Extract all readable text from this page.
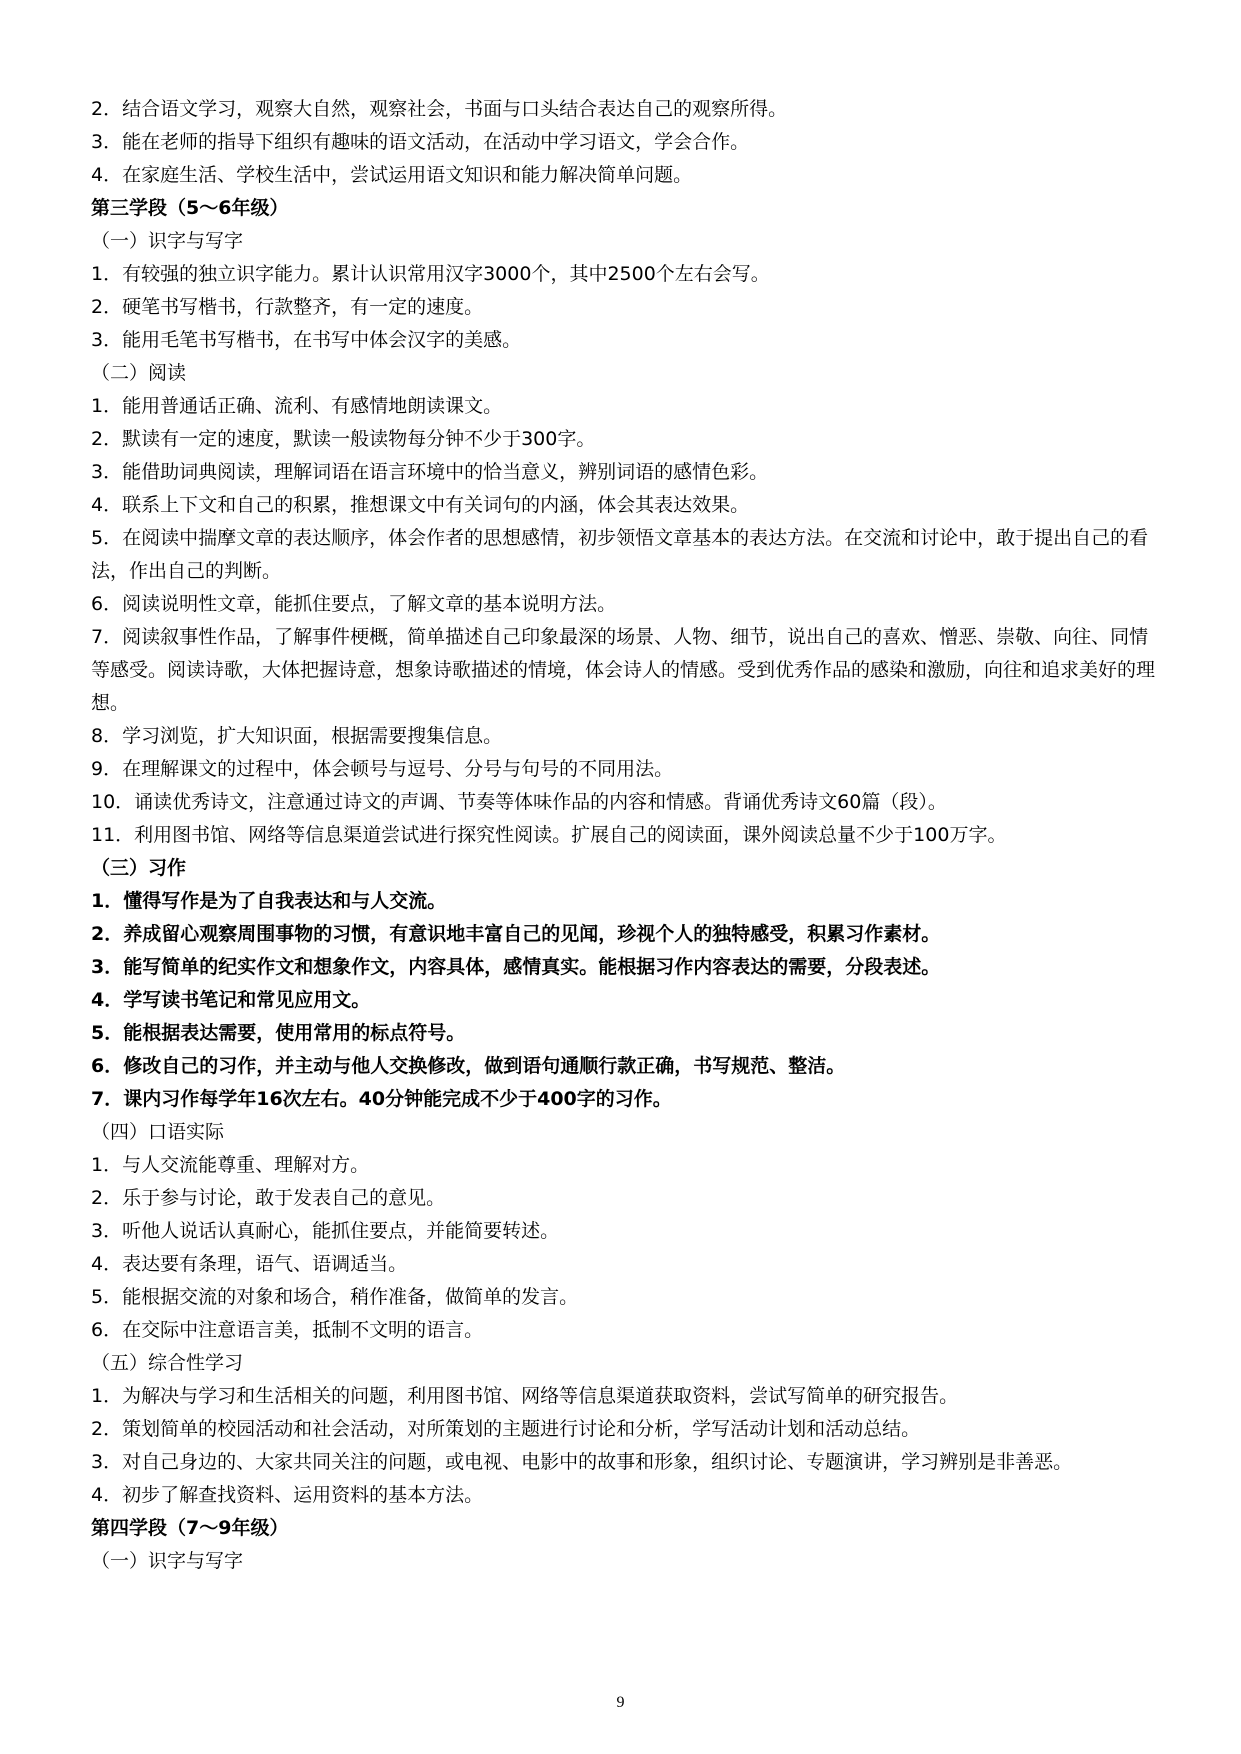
2．结合语文学习，观察大自然，观察社会，书面与口头结合表达自己的观察所得。

3．能在老师的指导下组织有趣味的语文活动，在活动中学习语文，学会合作。

4．在家庭生活、学校生活中，尝试运用语文知识和能力解决简单问题。

第三学段（5～6年级）

（一）识字与写字

1．有较强的独立识字能力。累计认识常用汉字3000个，其中2500个左右会写。

2．硬笔书写楷书，行款整齐，有一定的速度。

3．能用毛笔书写楷书，在书写中体会汉字的美感。

（二）阅读

1．能用普通话正确、流利、有感情地朗读课文。

2．默读有一定的速度，默读一般读物每分钟不少于300字。

3．能借助词典阅读，理解词语在语言环境中的恰当意义，辨别词语的感情色彩。

4．联系上下文和自己的积累，推想课文中有关词句的内涵，体会其表达效果。

5．在阅读中揣摩文章的表达顺序，体会作者的思想感情，初步领悟文章基本的表达方法。在交流和讨论中，敢于提出自己的看法，作出自己的判断。

6．阅读说明性文章，能抓住要点，了解文章的基本说明方法。

7．阅读叙事性作品，了解事件梗概，简单描述自己印象最深的场景、人物、细节，说出自己的喜欢、憎恶、崇敬、向往、同情等感受。阅读诗歌，大体把握诗意，想象诗歌描述的情境，体会诗人的情感。受到优秀作品的感染和激励，向往和追求美好的理想。

8．学习浏览，扩大知识面，根据需要搜集信息。

9．在理解课文的过程中，体会顿号与逗号、分号与句号的不同用法。

10．诵读优秀诗文，注意通过诗文的声调、节奏等体味作品的内容和情感。背诵优秀诗文60篇（段）。

11．利用图书馆、网络等信息渠道尝试进行探究性阅读。扩展自己的阅读面，课外阅读总量不少于100万字。

（三）习作

1．懂得写作是为了自我表达和与人交流。

2．养成留心观察周围事物的习惯，有意识地丰富自己的见闻，珍视个人的独特感受，积累习作素材。

3．能写简单的纪实作文和想象作文，内容具体，感情真实。能根据习作内容表达的需要，分段表述。

4．学写读书笔记和常见应用文。

5．能根据表达需要，使用常用的标点符号。

6．修改自己的习作，并主动与他人交换修改，做到语句通顺行款正确，书写规范、整洁。

7．课内习作每学年16次左右。40分钟能完成不少于400字的习作。

（四）口语实际

1．与人交流能尊重、理解对方。

2．乐于参与讨论，敢于发表自己的意见。

3．听他人说话认真耐心，能抓住要点，并能简要转述。

4．表达要有条理，语气、语调适当。

5．能根据交流的对象和场合，稍作准备，做简单的发言。

6．在交际中注意语言美，抵制不文明的语言。

（五）综合性学习

1．为解决与学习和生活相关的问题，利用图书馆、网络等信息渠道获取资料，尝试写简单的研究报告。

2．策划简单的校园活动和社会活动，对所策划的主题进行讨论和分析，学写活动计划和活动总结。

3．对自己身边的、大家共同关注的问题，或电视、电影中的故事和形象，组织讨论、专题演讲，学习辨别是非善恶。

4．初步了解查找资料、运用资料的基本方法。

第四学段（7～9年级）

（一）识字与写字

9
